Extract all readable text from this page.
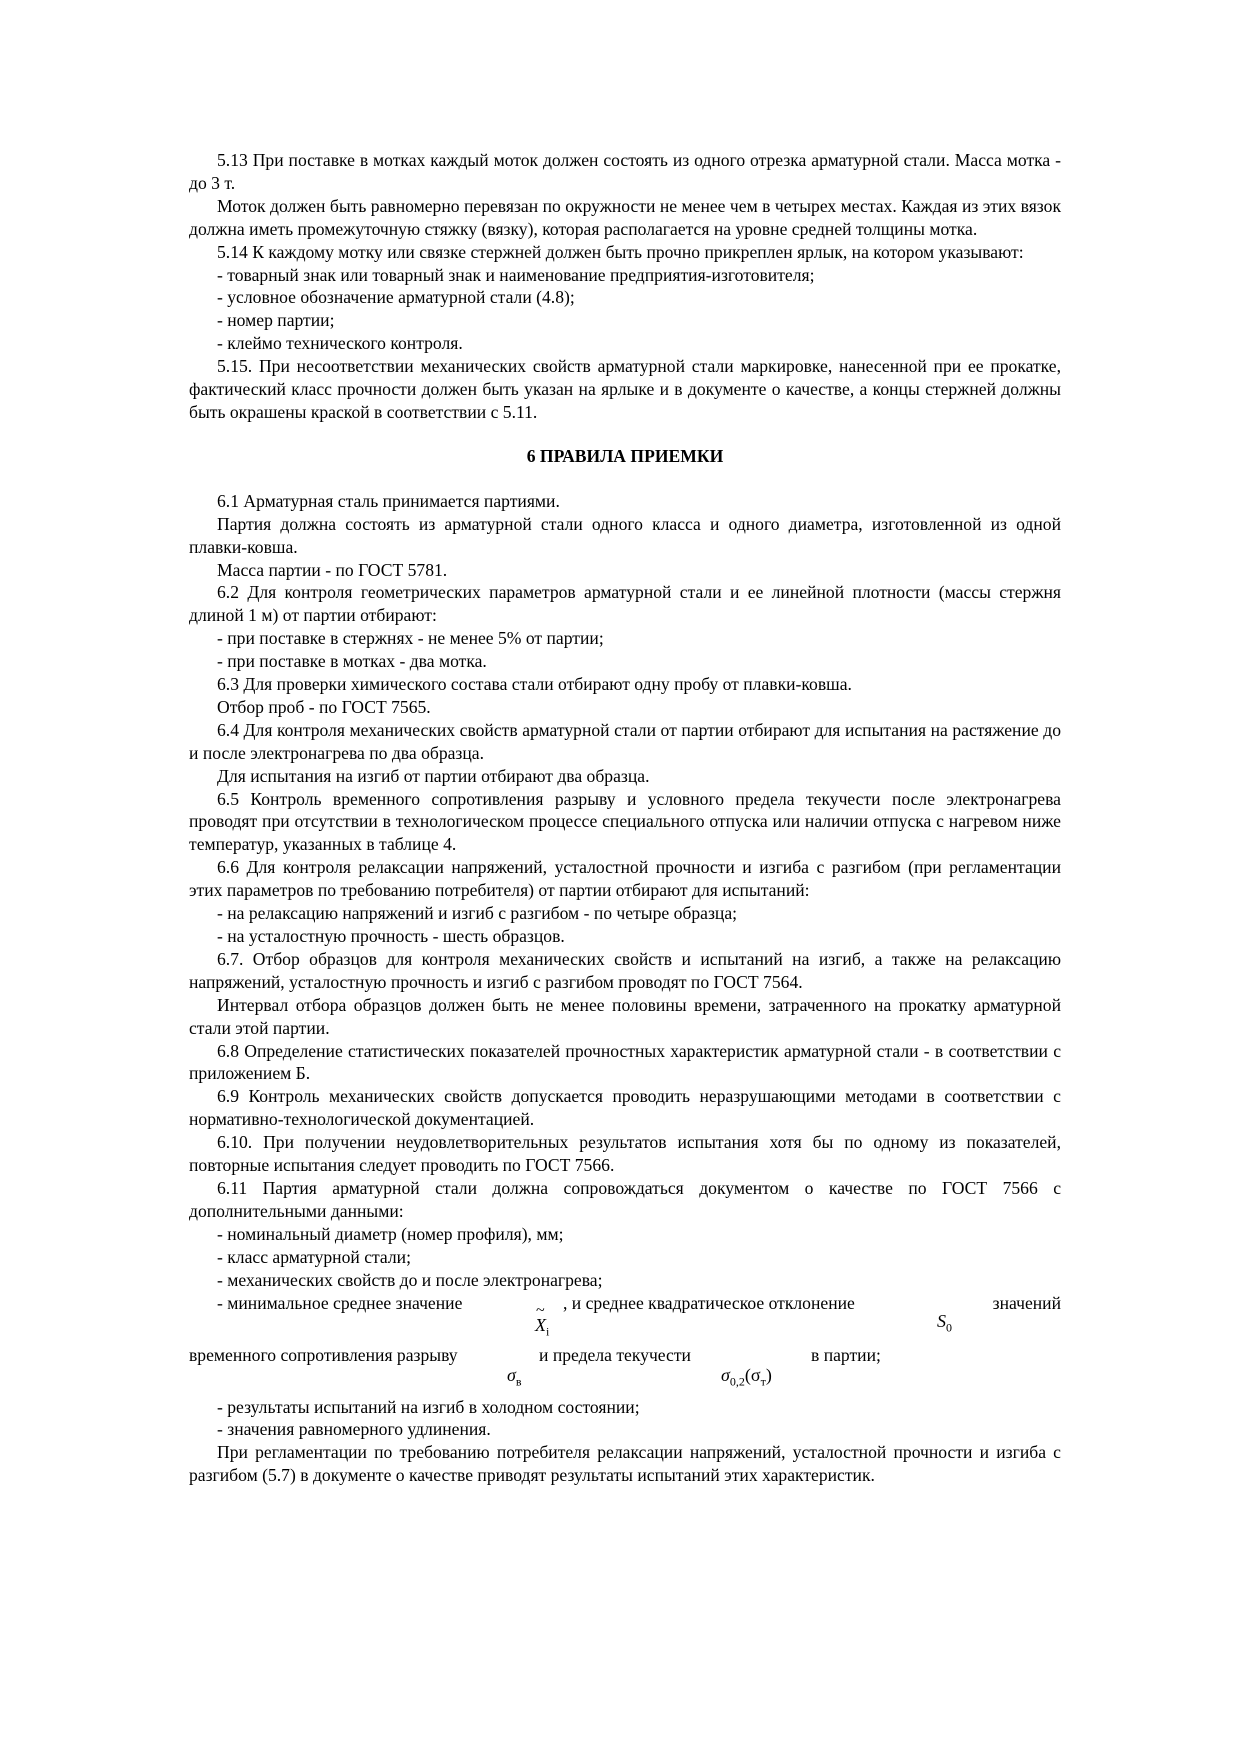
5.13 При поставке в мотках каждый моток должен состоять из одного отрезка арматурной стали. Масса мотка - до 3 т.

Моток должен быть равномерно перевязан по окружности не менее чем в четырех местах. Каждая из этих вязок должна иметь промежуточную стяжку (вязку), которая располагается на уровне средней толщины мотка.

5.14 К каждому мотку или связке стержней должен быть прочно прикреплен ярлык, на котором указывают:

- товарный знак или товарный знак и наименование предприятия-изготовителя;

- условное обозначение арматурной стали (4.8);

- номер партии;

- клеймо технического контроля.

5.15. При несоответствии механических свойств арматурной стали маркировке, нанесенной при ее прокатке, фактический класс прочности должен быть указан на ярлыке и в документе о качестве, а концы стержней должны быть окрашены краской в соответствии с 5.11.

6 ПРАВИЛА ПРИЕМКИ

6.1 Арматурная сталь принимается партиями.

Партия должна состоять из арматурной стали одного класса и одного диаметра, изготовленной из одной плавки-ковша.

Масса партии - по ГОСТ 5781.

6.2 Для контроля геометрических параметров арматурной стали и ее линейной плотности (массы стержня длиной 1 м) от партии отбирают:

- при поставке в стержнях - не менее 5% от партии;

- при поставке в мотках - два мотка.

6.3 Для проверки химического состава стали отбирают одну пробу от плавки-ковша.

Отбор проб - по ГОСТ 7565.

6.4 Для контроля механических свойств арматурной стали от партии отбирают для испытания на растяжение до и после электронагрева по два образца.

Для испытания на изгиб от партии отбирают два образца.

6.5 Контроль временного сопротивления разрыву и условного предела текучести после электронагрева проводят при отсутствии в технологическом процессе специального отпуска или наличии отпуска с нагревом ниже температур, указанных в таблице 4.

6.6 Для контроля релаксации напряжений, усталостной прочности и изгиба с разгибом (при регламентации этих параметров по требованию потребителя) от партии отбирают для испытаний:

- на релаксацию напряжений и изгиб с разгибом - по четыре образца;

- на усталостную прочность - шесть образцов.

6.7. Отбор образцов для контроля механических свойств и испытаний на изгиб, а также на релаксацию напряжений, усталостную прочность и изгиб с разгибом проводят по ГОСТ 7564.

Интервал отбора образцов должен быть не менее половины времени, затраченного на прокатку арматурной стали этой партии.

6.8 Определение статистических показателей прочностных характеристик арматурной стали - в соответствии с приложением Б.

6.9 Контроль механических свойств допускается проводить неразрушающими методами в соответствии с нормативно-технологической документацией.

6.10. При получении неудовлетворительных результатов испытания хотя бы по одному из показателей, повторные испытания следует проводить по ГОСТ 7566.

6.11 Партия арматурной стали должна сопровождаться документом о качестве по ГОСТ 7566 с дополнительными данными:

- номинальный диаметр (номер профиля), мм;

- класс арматурной стали;

- механических свойств до и после электронагрева;

- минимальное среднее значение	, и среднее квадратическое отклонение	значений
~
$X_i$
$S_0$
временного сопротивления разрыву	и предела текучести	в партии;
$\sigma_в$	$\sigma_{0,2}(\sigma_т)$

- результаты испытаний на изгиб в холодном состоянии;

- значения равномерного удлинения.

При регламентации по требованию потребителя релаксации напряжений, усталостной прочности и изгиба с разгибом (5.7) в документе о качестве приводят результаты испытаний этих характеристик.
